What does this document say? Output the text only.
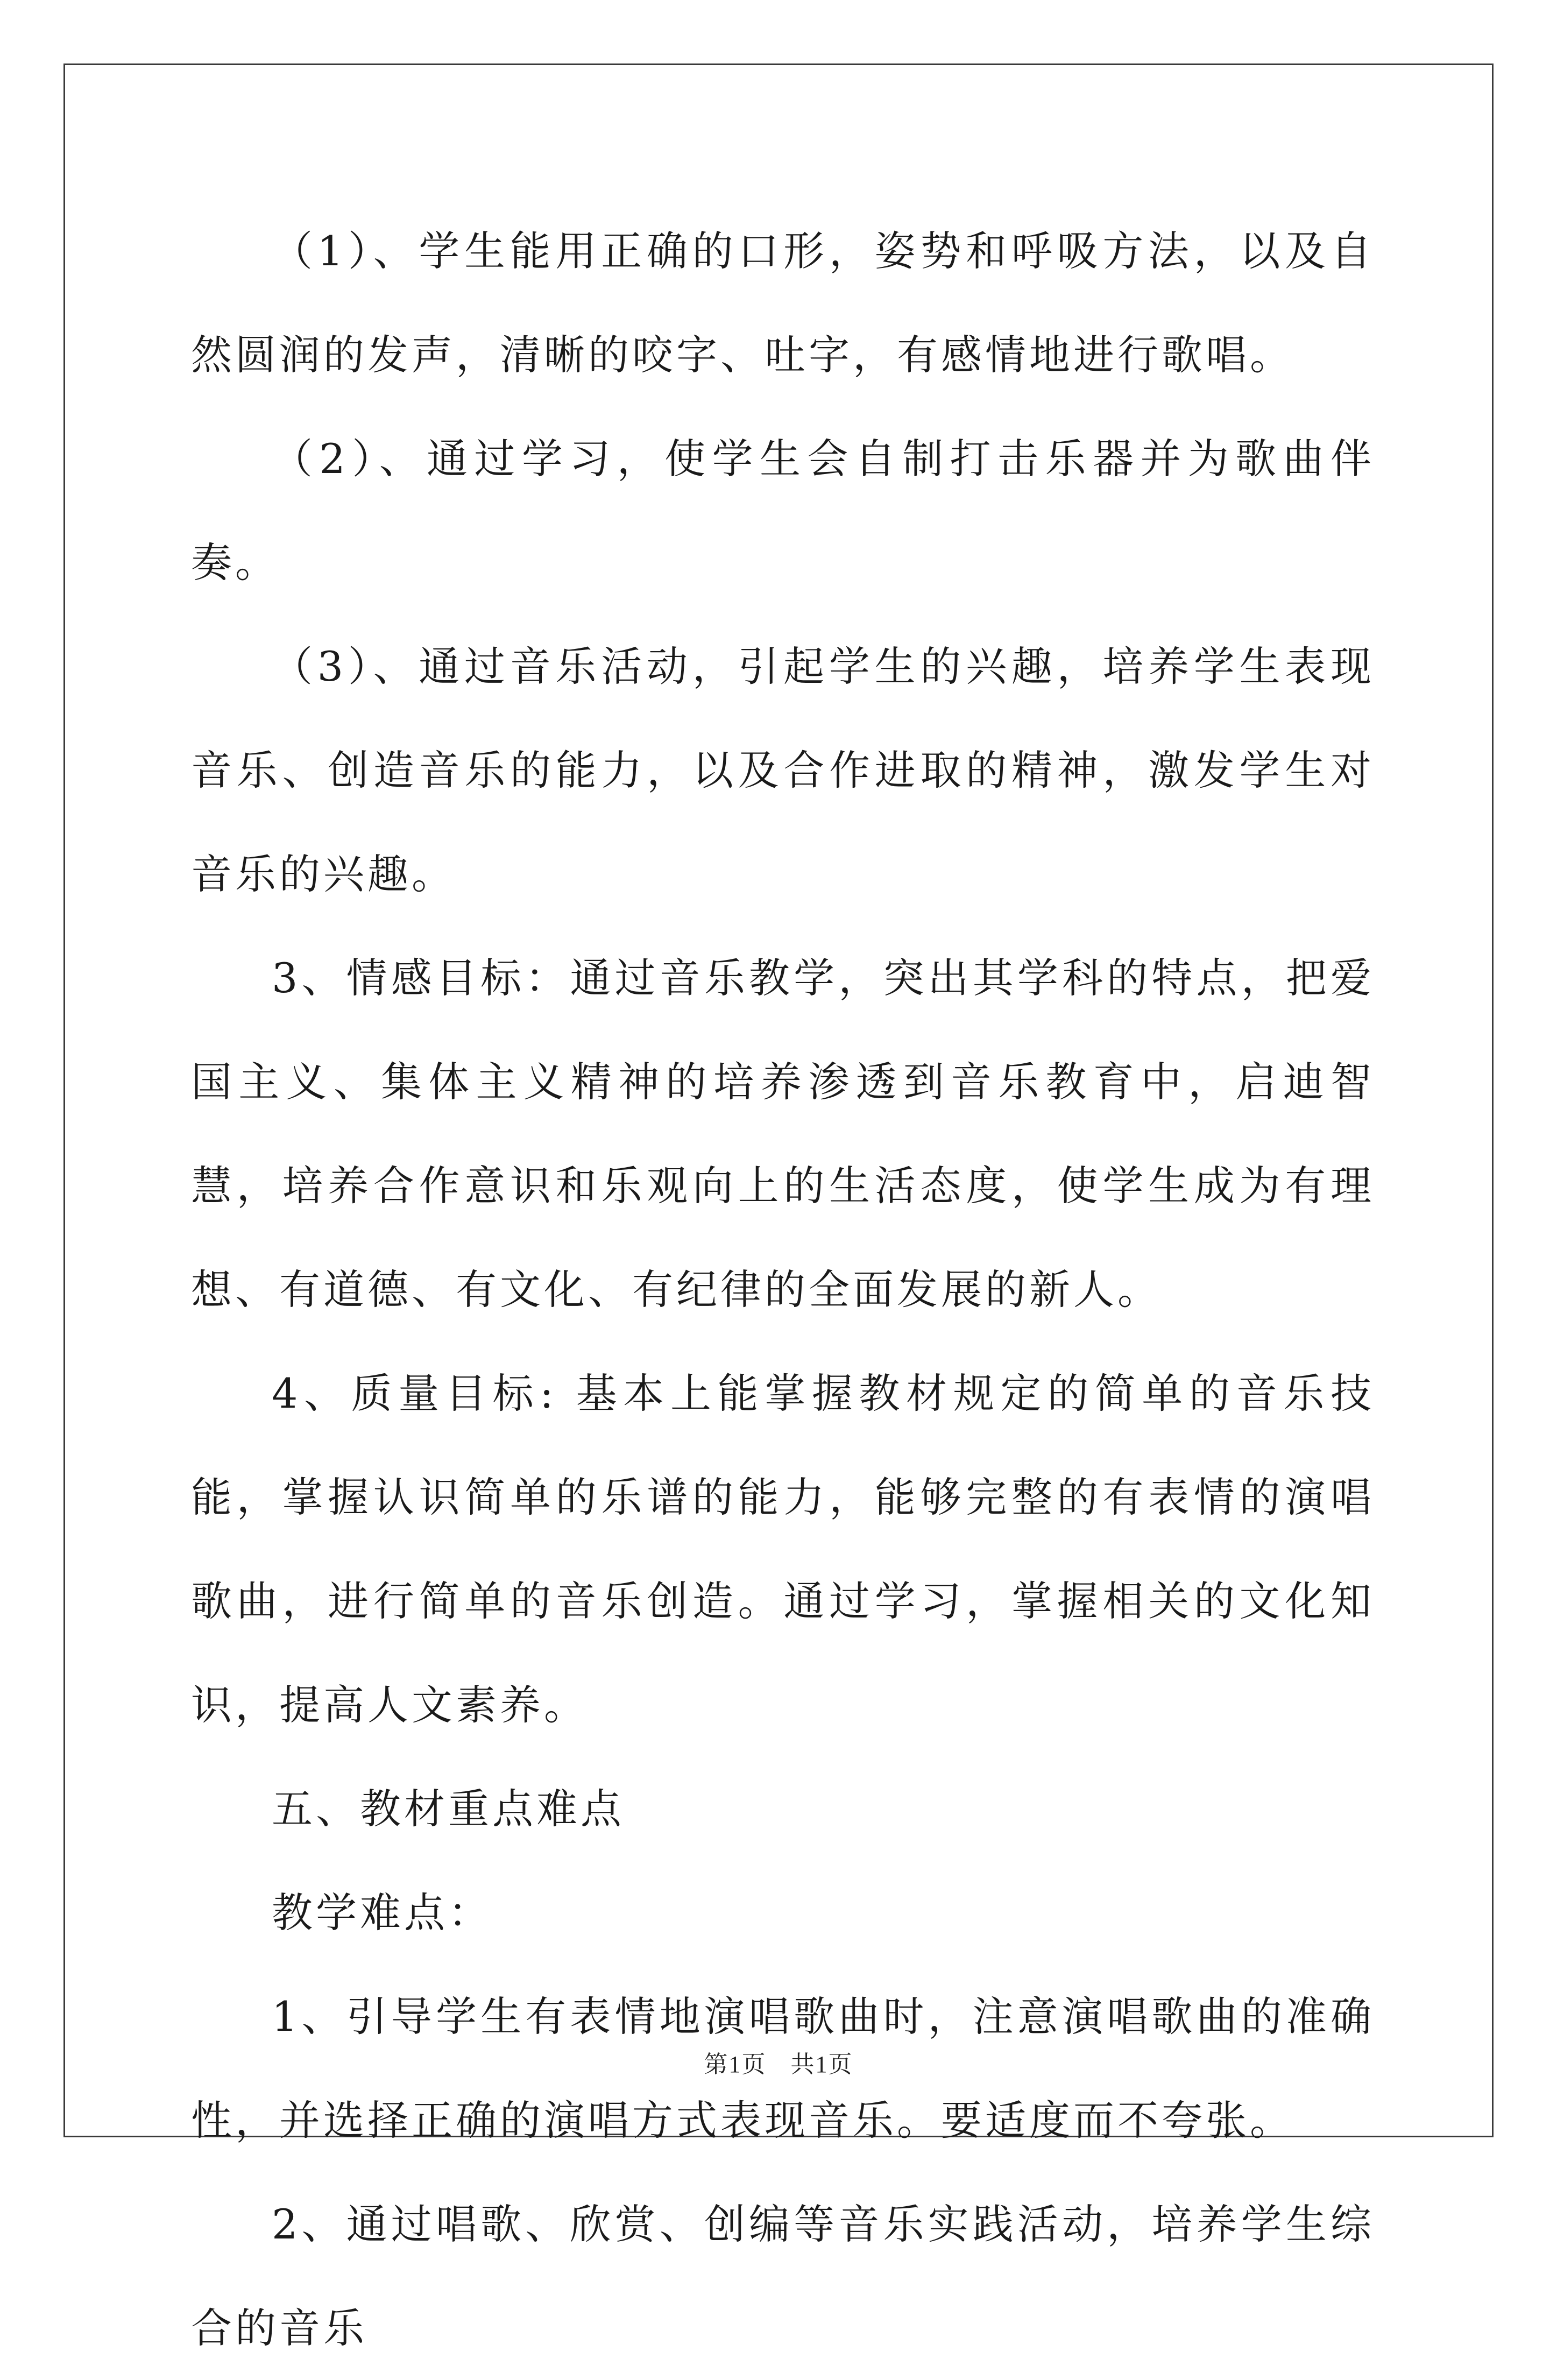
（1）、学生能用正确的口形，姿势和呼吸方法，以及自然圆润的发声，清晰的咬字、吐字，有感情地进行歌唱。

（2）、通过学习，使学生会自制打击乐器并为歌曲伴奏。

（3）、通过音乐活动，引起学生的兴趣，培养学生表现音乐、创造音乐的能力，以及合作进取的精神，激发学生对音乐的兴趣。

3、情感目标：通过音乐教学，突出其学科的特点，把爱国主义、集体主义精神的培养渗透到音乐教育中，启迪智慧，培养合作意识和乐观向上的生活态度，使学生成为有理想、有道德、有文化、有纪律的全面发展的新人。

4、质量目标: 基本上能掌握教材规定的简单的音乐技能，掌握认识简单的乐谱的能力，能够完整的有表情的演唱歌曲，进行简单的音乐创造。通过学习，掌握相关的文化知识，提高人文素养。

五、教材重点难点

教学难点：

1、引导学生有表情地演唱歌曲时，注意演唱歌曲的准确性，并选择正确的演唱方式表现音乐。要适度而不夸张。

2、通过唱歌、欣赏、创编等音乐实践活动，培养学生综合的音乐

第1页 共1页
